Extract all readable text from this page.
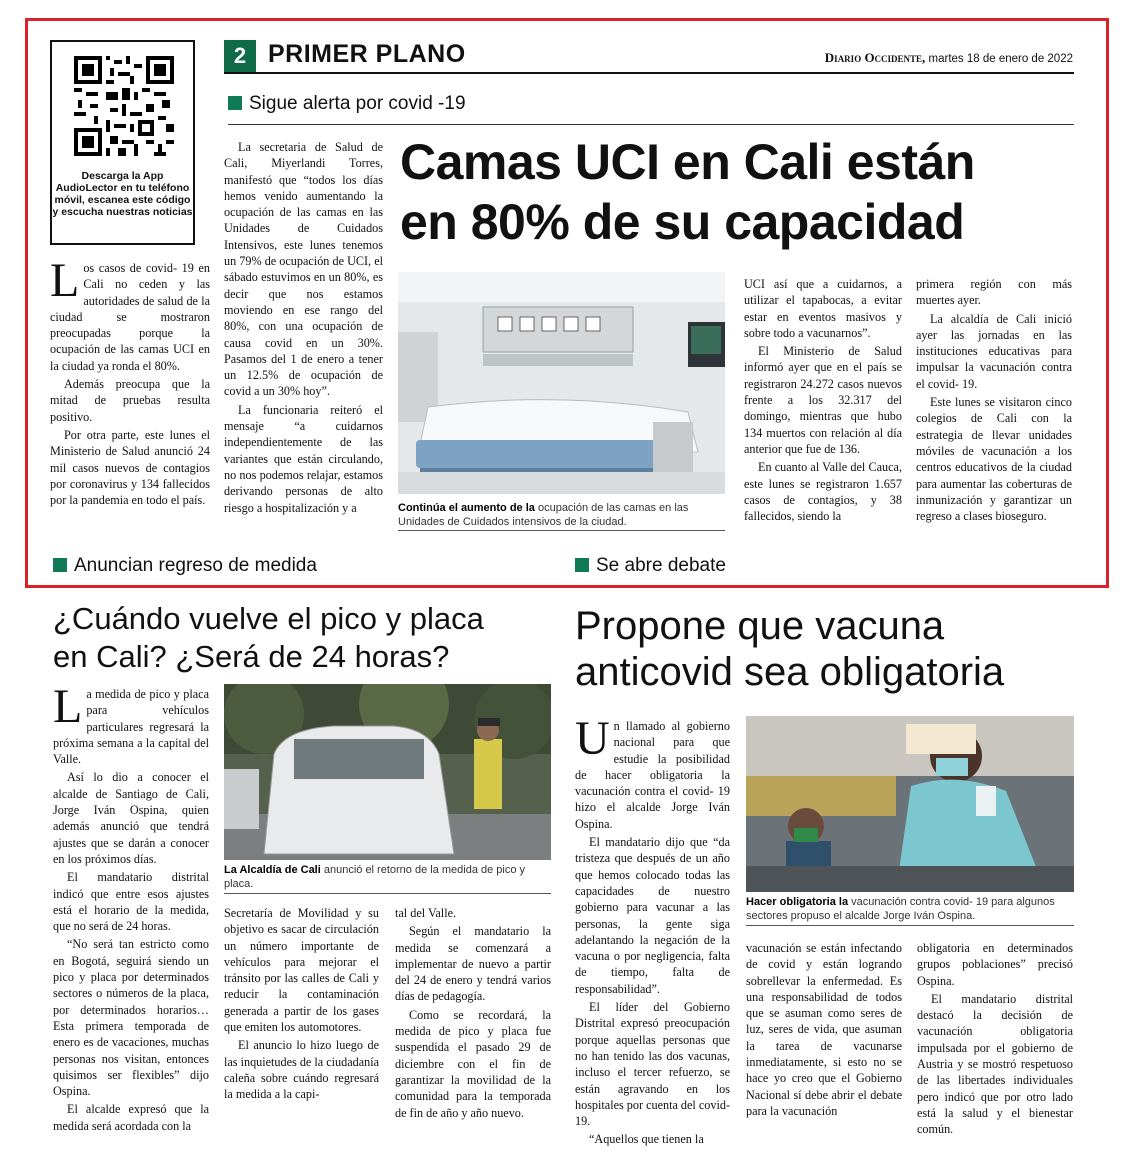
Descarga la App AudioLector en tu teléfono móvil, escanea este código y escucha nuestras noticias
2 PRIMER PLANO	Diario Occidente, martes 18 de enero de 2022
Sigue alerta por covid -19
Camas UCI en Cali están
en 80% de su capacidad

Los casos de covid- 19 en Cali no ceden y las autoridades de salud de la ciudad se mostraron preocupadas porque la ocupación de las camas UCI en la ciudad ya ronda el 80%.

Además preocupa que la mitad de pruebas resulta positivo.

Por otra parte, este lunes el Ministerio de Salud anunció 24 mil casos nuevos de contagios por coronavirus y 134 fallecidos por la pandemia en todo el país.

La secretaria de Salud de Cali, Miyerlandi Torres, manifestó que “todos los días hemos venido aumentando la ocupación de las camas en las Unidades de Cuidados Intensivos, este lunes tenemos un 79% de ocupación de UCI, el sábado estuvimos en un 80%, es decir que nos estamos moviendo en ese rango del 80%, con una ocupación de causa covid en un 30%. Pasamos del 1 de enero a tener un 12.5% de ocupación de covid a un 30% hoy”.

La funcionaria reiteró el mensaje “a cuidarnos independientemente de las variantes que están circulando, no nos podemos relajar, estamos derivando personas de alto riesgo a hospitalización y a	Continúa el aumento de la ocupación de las camas en las Unidades de Cuidados intensivos de la ciudad.

UCI así que a cuidarnos, a utilizar el tapabocas, a evitar estar en eventos masivos y sobre todo a vacunarnos”.

El Ministerio de Salud informó ayer que en el país se registraron 24.272 casos nuevos frente a los 32.317 del domingo, mientras que hubo 134 muertos con relación al día anterior que fue de 136.

En cuanto al Valle del Cauca, este lunes se registraron 1.657 casos de contagios, y 38 fallecidos, siendo la

primera región con más muertes ayer.

La alcaldía de Cali inició ayer las jornadas en las instituciones educativas para impulsar la vacunación contra el covid- 19.

Este lunes se visitaron cinco colegios de Cali con la estrategia de llevar unidades móviles de vacunación a los centros educativos de la ciudad para aumentar las coberturas de inmunización y garantizar un regreso a clases bioseguro.

Anuncian regreso de medida
¿Cuándo vuelve el pico y placa
en Cali? ¿Será de 24 horas?

La medida de pico y placa para vehículos particulares regresará la próxima semana a la capital del Valle.

Así lo dio a conocer el alcalde de Santiago de Cali, Jorge Iván Ospina, quien además anunció que tendrá ajustes que se darán a conocer en los próximos días.

El mandatario distrital indicó que entre esos ajustes está el horario de la medida, que no será de 24 horas.

“No será tan estricto como en Bogotá, seguirá siendo un pico y placa por determinados sectores o números de la placa, por determinados horarios… Esta primera temporada de enero es de vacaciones, muchas personas nos visitan, entonces quisimos ser flexibles” dijo Ospina.

El alcalde expresó que la medida será acordada con la

La Alcaldía de Cali anunció el retorno de la medida de pico y placa.

Secretaría de Movilidad y su objetivo es sacar de circulación un número importante de vehículos para mejorar el tránsito por las calles de Cali y reducir la contaminación generada a partir de los gases que emiten los automotores.

El anuncio lo hizo luego de las inquietudes de la ciudadanía caleña sobre cuándo regresará la medida a la capi-

tal del Valle.

Según el mandatario la medida se comenzará a implementar de nuevo a partir del 24 de enero y tendrá varios días de pedagogía.

Como se recordará, la medida de pico y placa fue suspendida el pasado 29 de diciembre con el fin de garantizar la movilidad de la comunidad para la temporada de fin de año y año nuevo.

Se abre debate
Propone que vacuna
anticovid sea obligatoria

Un llamado al gobierno nacional para que estudie la posibilidad de hacer obligatoria la vacunación contra el covid- 19 hizo el alcalde Jorge Iván Ospina.

El mandatario dijo que “da tristeza que después de un año que hemos colocado todas las capacidades de nuestro gobierno para vacunar a las personas, la gente siga adelantando la negación de la vacuna o por negligencia, falta de tiempo, falta de responsabilidad”.

El líder del Gobierno Distrital expresó preocupación porque aquellas personas que no han tenido las dos vacunas, incluso el tercer refuerzo, se están agravando en los hospitales por cuenta del covid-19.

“Aquellos que tienen la

Hacer obligatoria la vacunación contra covid- 19 para algunos sectores propuso el alcalde Jorge Iván Ospina.

vacunación se están infectando de covid y están logrando sobrellevar la enfermedad. Es una responsabilidad de todos que se asuman como seres de luz, seres de vida, que asuman la tarea de vacunarse inmediatamente, si esto no se hace yo creo que el Gobierno Nacional sí debe abrir el debate para la vacunación

obligatoria en determinados grupos poblaciones” precisó Ospina.

El mandatario distrital destacó la decisión de vacunación obligatoria impulsada por el gobierno de Austria y se mostró respetuoso de las libertades individuales pero indicó que por otro lado está la salud y el bienestar común.
